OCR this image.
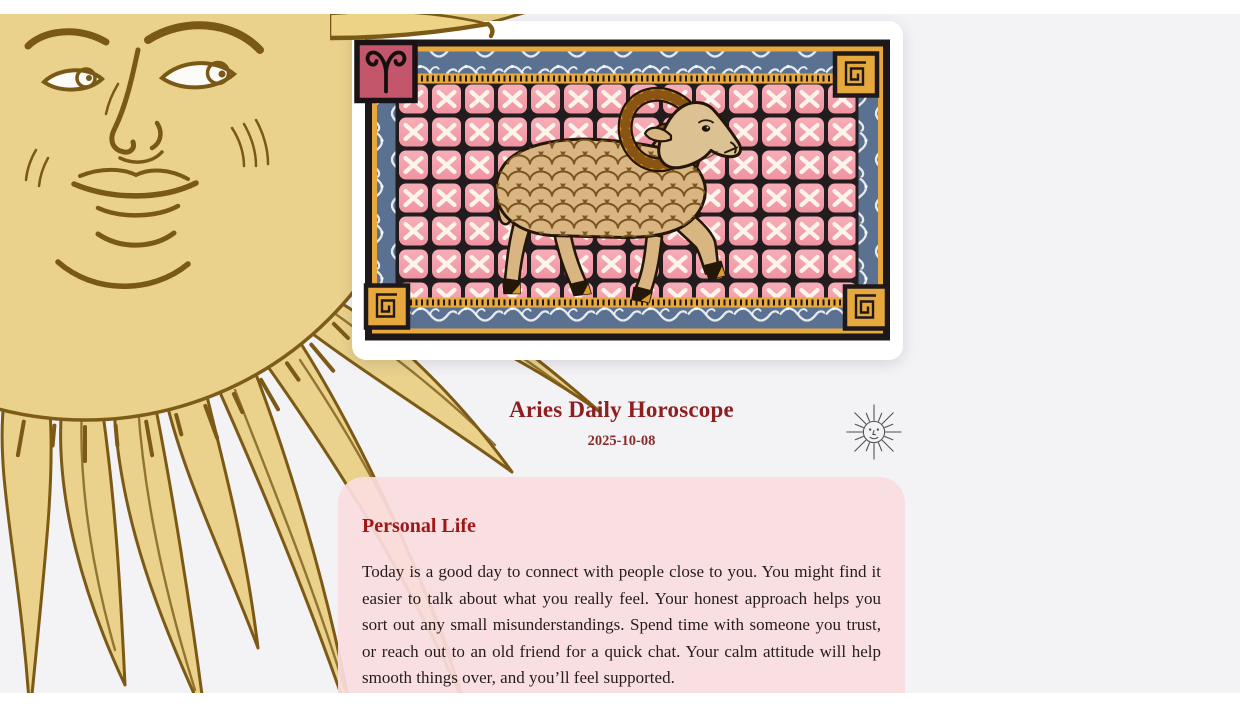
Aries Daily Horoscope

2025-10-08

Personal Life

Today is a good day to connect with people close to you. You might find it easier to talk about what you really feel. Your honest approach helps you sort out any small misunderstandings. Spend time with someone you trust, or reach out to an old friend for a quick chat. Your calm attitude will help smooth things over, and you’ll feel supported.
